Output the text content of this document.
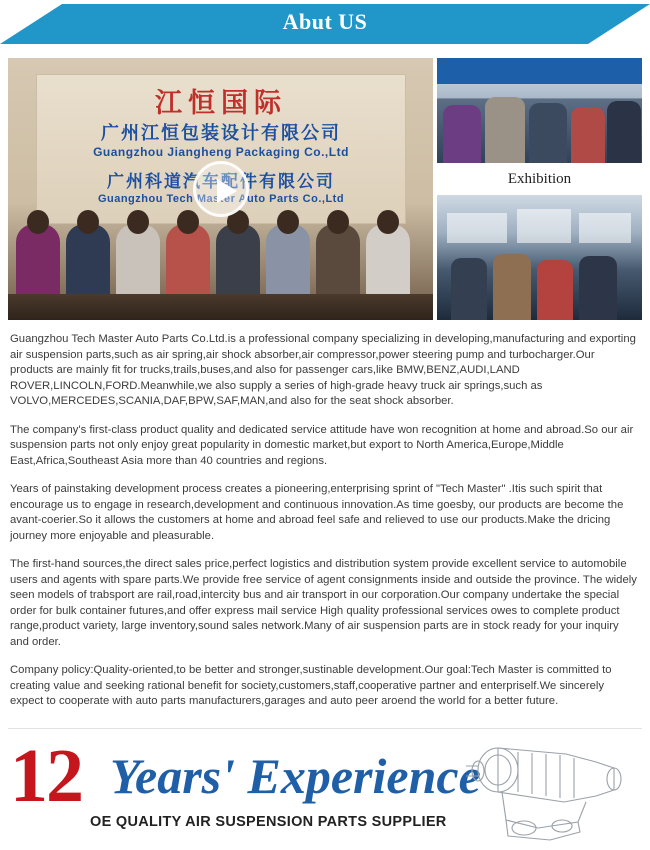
Abut US
江恒国际
广州江恒包装设计有限公司
Guangzhou Jiangheng Packaging Co.,Ltd
广州科道汽车配件有限公司
Guangzhou Tech Master Auto Parts Co.,Ltd
Exhibition

Guangzhou Tech Master Auto Parts Co.Ltd.is a professional company specializing in developing,manufacturing and exporting air suspension parts,such as air spring,air shock absorber,air compressor,power steering pump and turbocharger.Our products are mainly fit for trucks,trails,buses,and also for passenger cars,like BMW,BENZ,AUDI,LAND ROVER,LINCOLN,FORD.Meanwhile,we also supply a series of high-grade heavy truck air springs,such as VOLVO,MERCEDES,SCANIA,DAF,BPW,SAF,MAN,and also for the seat shock absorber.

The company's first-class product quality and dedicated service attitude have won recognition at home and abroad.So our air suspension parts not only enjoy great popularity in domestic market,but export to North America,Europe,Middle East,Africa,Southeast Asia more than 40 countries and regions.

Years of painstaking development process creates a pioneering,enterprising sprint of "Tech Master" .Itis such spirit that encourage us to engage in research,development and continuous innovation.As time goesby, our products are become the avant-coerier.So it allows the customers at home and abroad feel safe and relieved to use our products.Make the dricing journey more enjoyable and pleasurable.

The first-hand sources,the direct sales price,perfect logistics and distribution system provide excellent service to automobile users and agents with spare parts.We provide free service of agent consignments inside and outside the province. The widely seen models of trabsport are rail,road,intercity bus and air transport in our corporation.Our company undertake the special order for bulk container futures,and offer express mail service High quality professional services owes to complete product range,product variety, large inventory,sound sales network.Many of air suspension parts are in stock ready for your inquiry and order.

Company policy:Quality-oriented,to be better and stronger,sustinable development.Our goal:Tech Master is committed to creating value and seeking rational benefit for society,customers,staff,cooperative partner and enterpriself.We sincerely expect to cooperate with auto parts manufacturers,garages and auto peer aroend the world for a better future.

12 Years' Experience
OE QUALITY AIR SUSPENSION PARTS SUPPLIER
